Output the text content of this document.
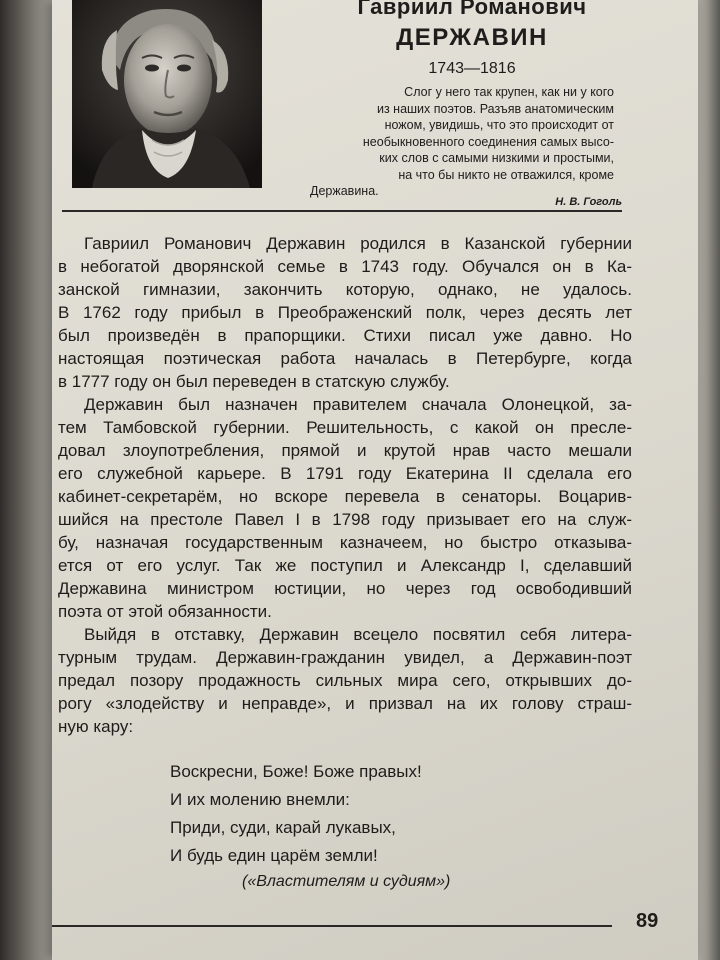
Гавриил Романович
ДЕРЖАВИН
1743—1816
Слог у него так крупен, как ни у кого
из наших поэтов. Разъяв анатомическим
ножом, увидишь, что это происходит от
необыкновенного соединения самых высо-
ких слов с самыми низкими и простыми,
на что бы никто не отважился, кроме
Державина.
Н. В. Гоголь
Гавриил Романович Державин родился в Казанской губернии
в небогатой дворянской семье в 1743 году. Обучался он в Ка-
занской гимназии, закончить которую, однако, не удалось.
В 1762 году прибыл в Преображенский полк, через десять лет
был произведён в прапорщики. Стихи писал уже давно. Но
настоящая поэтическая работа началась в Петербурге, когда
в 1777 году он был переведен в статскую службу.
Державин был назначен правителем сначала Олонецкой, за-
тем Тамбовской губернии. Решительность, с какой он пресле-
довал злоупотребления, прямой и крутой нрав часто мешали
его служебной карьере. В 1791 году Екатерина II сделала его
кабинет-секретарём, но вскоре перевела в сенаторы. Воцарив-
шийся на престоле Павел I в 1798 году призывает его на служ-
бу, назначая государственным казначеем, но быстро отказыва-
ется от его услуг. Так же поступил и Александр I, сделавший
Державина министром юстиции, но через год освободивший
поэта от этой обязанности.
Выйдя в отставку, Державин всецело посвятил себя литера-
турным трудам. Державин-гражданин увидел, а Державин-поэт
предал позору продажность сильных мира сего, открывших до-
рогу «злодейству и неправде», и призвал на их голову страш-
ную кару:
Воскресни, Боже! Боже правых!
И их молению внемли:
Приди, суди, карай лукавых,
И будь един царём земли!
(«Властителям и судиям»)
89
